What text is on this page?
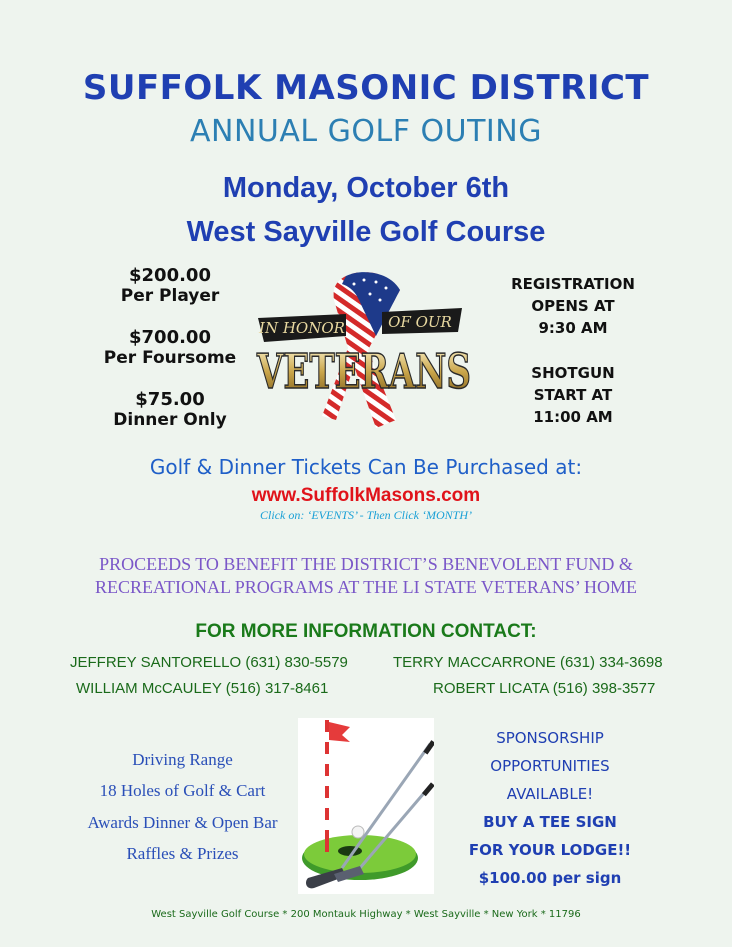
SUFFOLK MASONIC DISTRICT
ANNUAL GOLF OUTING
Monday, October 6th
West Sayville Golf Course
$200.00
Per Player
$700.00
Per Foursome
$75.00
Dinner Only
IN HONOR	OF OUR
VETERANS
REGISTRATION
OPENS AT
9:30 AM
SHOTGUN
START AT
11:00 AM
Golf & Dinner Tickets Can Be Purchased at:
www.SuffolkMasons.com
Click on: ‘EVENTS’ - Then Click ‘MONTH’
PROCEEDS TO BENEFIT THE DISTRICT’S BENEVOLENT FUND &
RECREATIONAL PROGRAMS AT THE LI STATE VETERANS’ HOME
FOR MORE INFORMATION CONTACT:
JEFFREY SANTORELLO (631) 830-5579	TERRY MACCARRONE (631) 334-3698
WILLIAM McCAULEY (516) 317-8461	ROBERT LICATA (516) 398-3577
Driving Range
18 Holes of Golf & Cart
Awards Dinner & Open Bar
Raffles & Prizes
SPONSORSHIP
OPPORTUNITIES
AVAILABLE!
BUY A TEE SIGN
FOR YOUR LODGE!!
$100.00 per sign
West Sayville Golf Course * 200 Montauk Highway * West Sayville * New York * 11796
